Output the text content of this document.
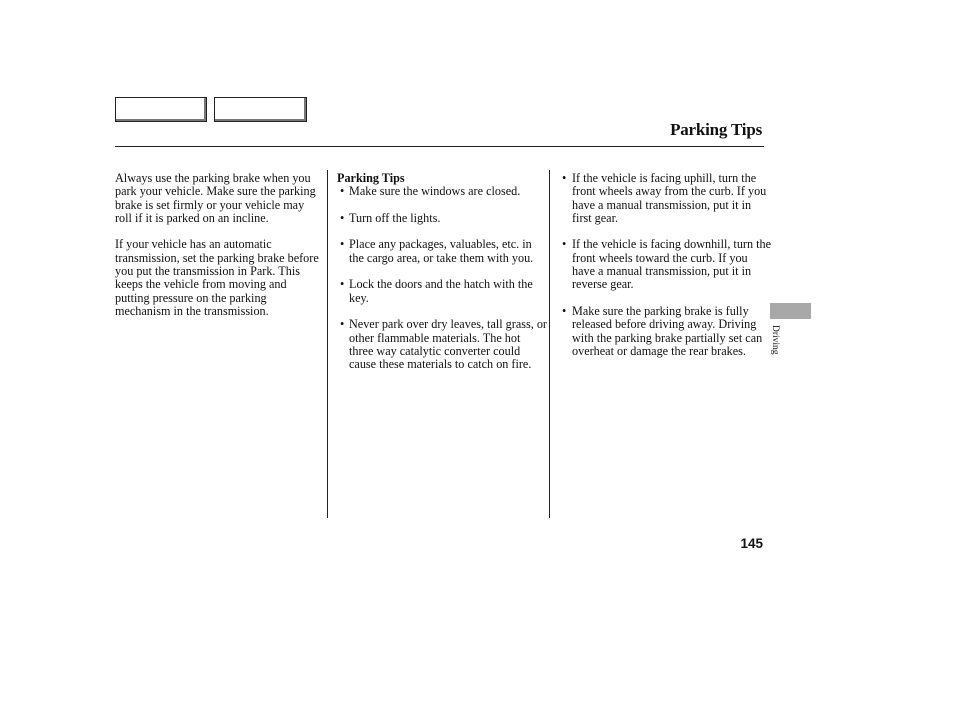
Parking Tips

Always use the parking brake when you park your vehicle. Make sure the parking brake is set firmly or your vehicle may roll if it is parked on an incline.

If your vehicle has an automatic transmission, set the parking brake before you put the transmission in Park. This keeps the vehicle from moving and putting pressure on the parking mechanism in the transmission.

Parking Tips

• Make sure the windows are closed.
• Turn off the lights.
• Place any packages, valuables, etc. in the cargo area, or take them with you.
• Lock the doors and the hatch with the key.
• Never park over dry leaves, tall grass, or other flammable materials. The hot three way catalytic converter could cause these materials to catch on fire.
• If the vehicle is facing uphill, turn the front wheels away from the curb. If you have a manual transmission, put it in first gear.
• If the vehicle is facing downhill, turn the front wheels toward the curb. If you have a manual transmission, put it in reverse gear.
• Make sure the parking brake is fully released before driving away. Driving with the parking brake partially set can overheat or damage the rear brakes.	Driving
145
